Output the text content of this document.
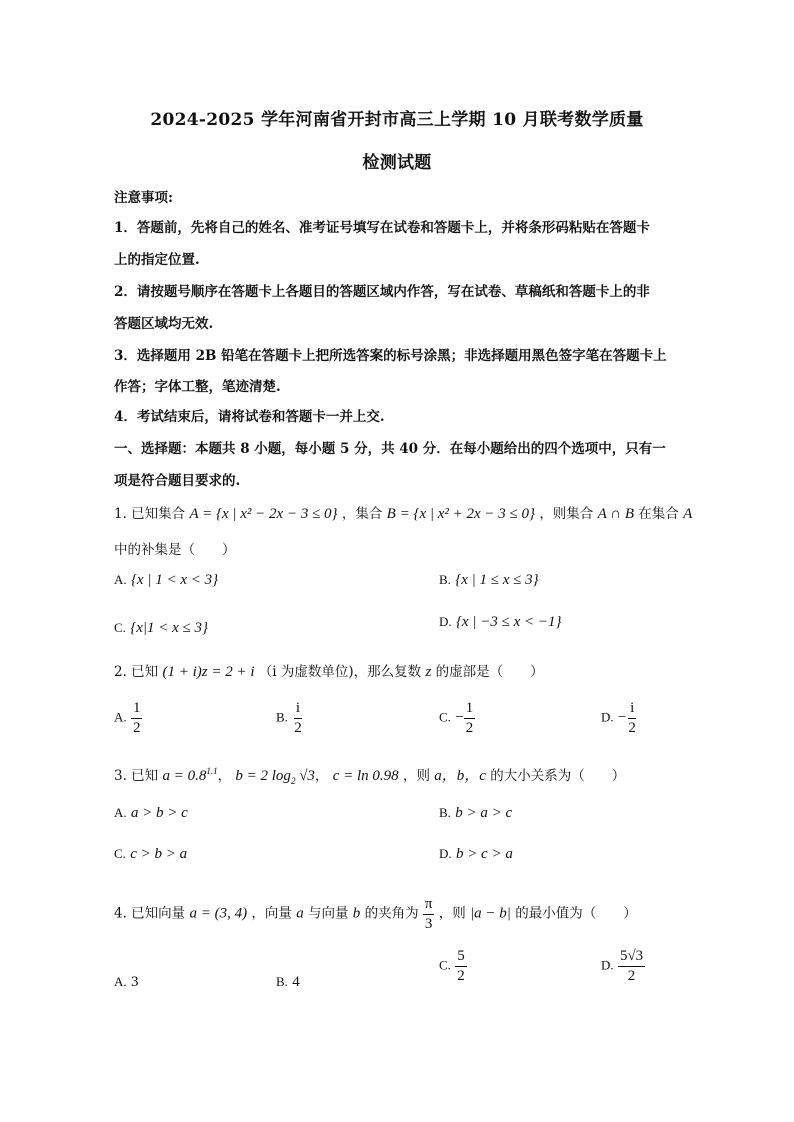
2024-2025 学年河南省开封市高三上学期 10 月联考数学质量
检测试题
注意事项:
1．答题前，先将自己的姓名、准考证号填写在试卷和答题卡上，并将条形码粘贴在答题卡
上的指定位置.
2．请按题号顺序在答题卡上各题目的答题区域内作答，写在试卷、草稿纸和答题卡上的非
答题区域均无效.
3．选择题用 2B 铅笔在答题卡上把所选答案的标号涂黑；非选择题用黑色签字笔在答题卡上
作答；字体工整，笔迹清楚.
4．考试结束后，请将试卷和答题卡一并上交.
一、选择题：本题共 8 小题，每小题 5 分，共 40 分．在每小题给出的四个选项中，只有一
项是符合题目要求的.
1. 已知集合 A = {x | x² − 2x − 3 ≤ 0} ，集合 B = {x | x² + 2x − 3 ≤ 0} ，则集合 A ∩ B 在集合 A
中的补集是（　　）
A. {x | 1 < x < 3}	B. {x | 1 ≤ x ≤ 3}
C. {x|1 < x ≤ 3}	D. {x | −3 ≤ x < −1}
2. 已知 (1 + i)z = 2 + i （i 为虚数单位)，那么复数 z 的虚部是（　　）
A. $\frac{1}{2}$	B. $\frac{i}{2}$	C. − $\frac{1}{2}$	D. − $\frac{i}{2}$
3. 已知 $a = 0.8^{1.1}$， b = 2 $\log_2 √3$， c = ln 0.98 ，则 a，b，c 的大小关系为（　　）
A. a > b > c	B. b > a > c
C. c > b > a	D. b > c > a
4. 已知向量 a = (3, 4) ，向量 a 与向量 b 的夹角为 $\frac{\pi}{3}$ ，则 |a − b| 的最小值为（　　）
A. 3	B. 4
C. $\frac{5}{2}$	D. $\frac{5√3}{2}$
